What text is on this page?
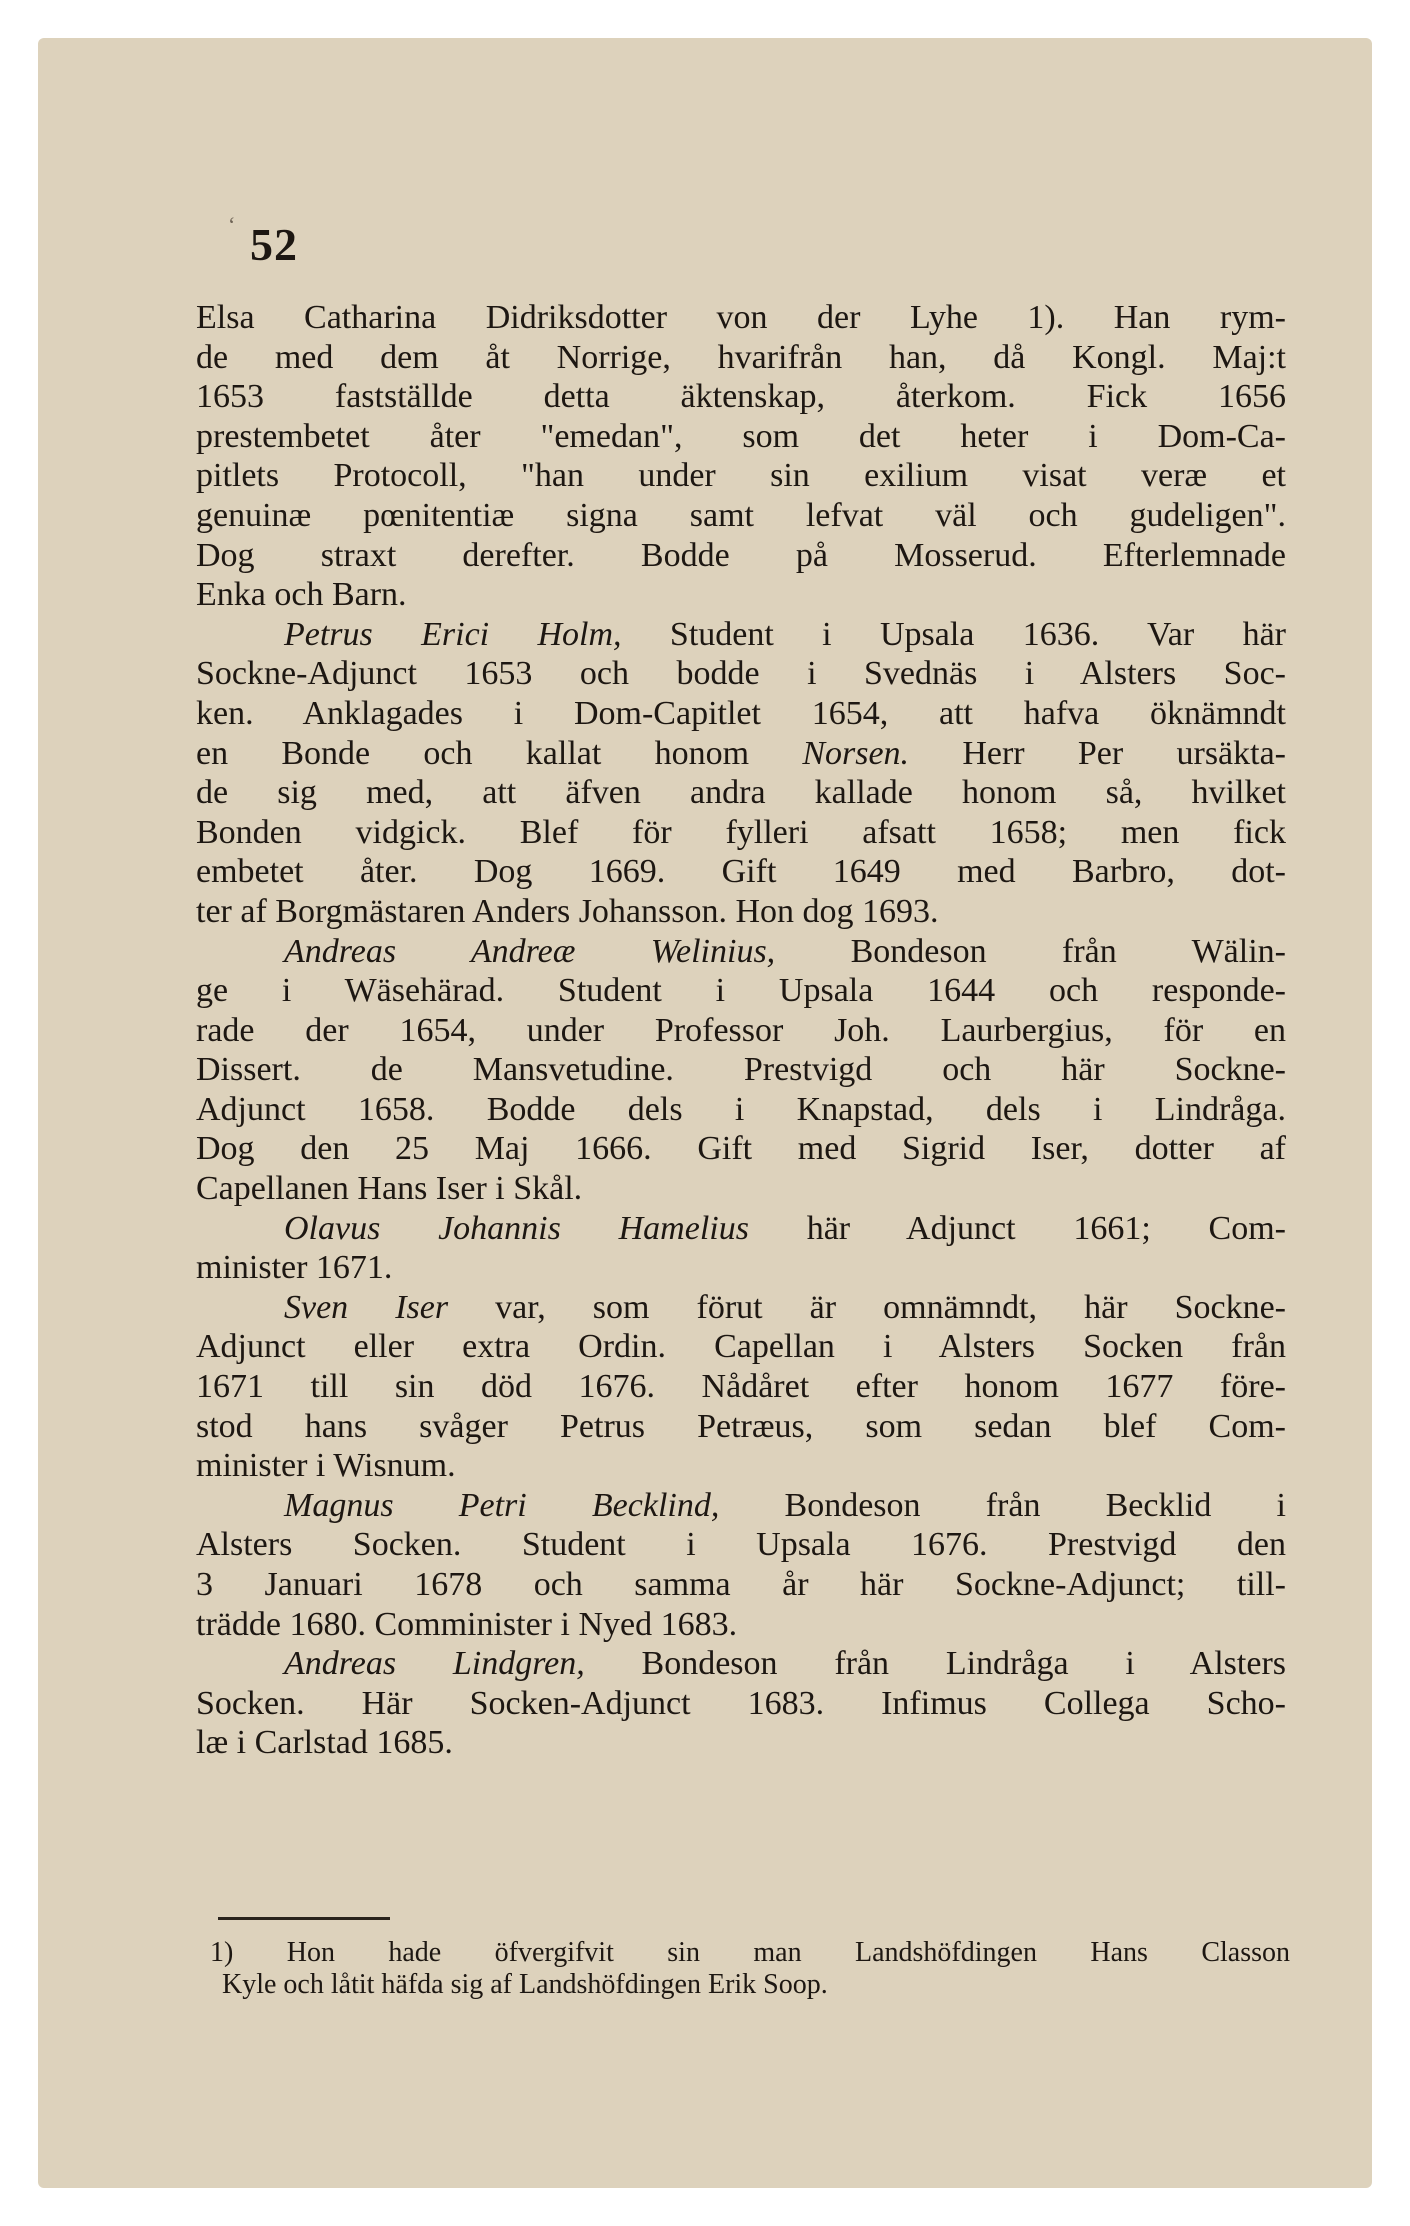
ʻ 52
Elsa Catharina Didriksdotter von der Lyhe 1). Han rym-
de med dem åt Norrige, hvarifrån han, då Kongl. Maj:t
1653 fastställde detta äktenskap, återkom. Fick 1656
prestembetet åter "emedan", som det heter i Dom-Ca-
pitlets Protocoll, "han under sin exilium visat veræ et
genuinæ pœnitentiæ signa samt lefvat väl och gudeligen".
Dog straxt derefter. Bodde på Mosserud. Efterlemnade
Enka och Barn.
Petrus Erici Holm, Student i Upsala 1636. Var här
Sockne-Adjunct 1653 och bodde i Svednäs i Alsters Soc-
ken. Anklagades i Dom-Capitlet 1654, att hafva öknämndt
en Bonde och kallat honom Norsen. Herr Per ursäkta-
de sig med, att äfven andra kallade honom så, hvilket
Bonden vidgick. Blef för fylleri afsatt 1658; men fick
embetet åter. Dog 1669. Gift 1649 med Barbro, dot-
ter af Borgmästaren Anders Johansson. Hon dog 1693.
Andreas Andreæ Welinius, Bondeson från Wälin-
ge i Wäsehärad. Student i Upsala 1644 och responde-
rade der 1654, under Professor Joh. Laurbergius, för en
Dissert. de Mansvetudine. Prestvigd och här Sockne-
Adjunct 1658. Bodde dels i Knapstad, dels i Lindråga.
Dog den 25 Maj 1666. Gift med Sigrid Iser, dotter af
Capellanen Hans Iser i Skål.
Olavus Johannis Hamelius här Adjunct 1661; Com-
minister 1671.
Sven Iser var, som förut är omnämndt, här Sockne-
Adjunct eller extra Ordin. Capellan i Alsters Socken från
1671 till sin död 1676. Nådåret efter honom 1677 före-
stod hans svåger Petrus Petræus, som sedan blef Com-
minister i Wisnum.
Magnus Petri Becklind, Bondeson från Becklid i
Alsters Socken. Student i Upsala 1676. Prestvigd den
3 Januari 1678 och samma år här Sockne-Adjunct; till-
trädde 1680. Comminister i Nyed 1683.
Andreas Lindgren, Bondeson från Lindråga i Alsters
Socken. Här Socken-Adjunct 1683. Infimus Collega Scho-
læ i Carlstad 1685.
1) Hon hade öfvergifvit sin man Landshöfdingen Hans Classon
Kyle och låtit häfda sig af Landshöfdingen Erik Soop.
